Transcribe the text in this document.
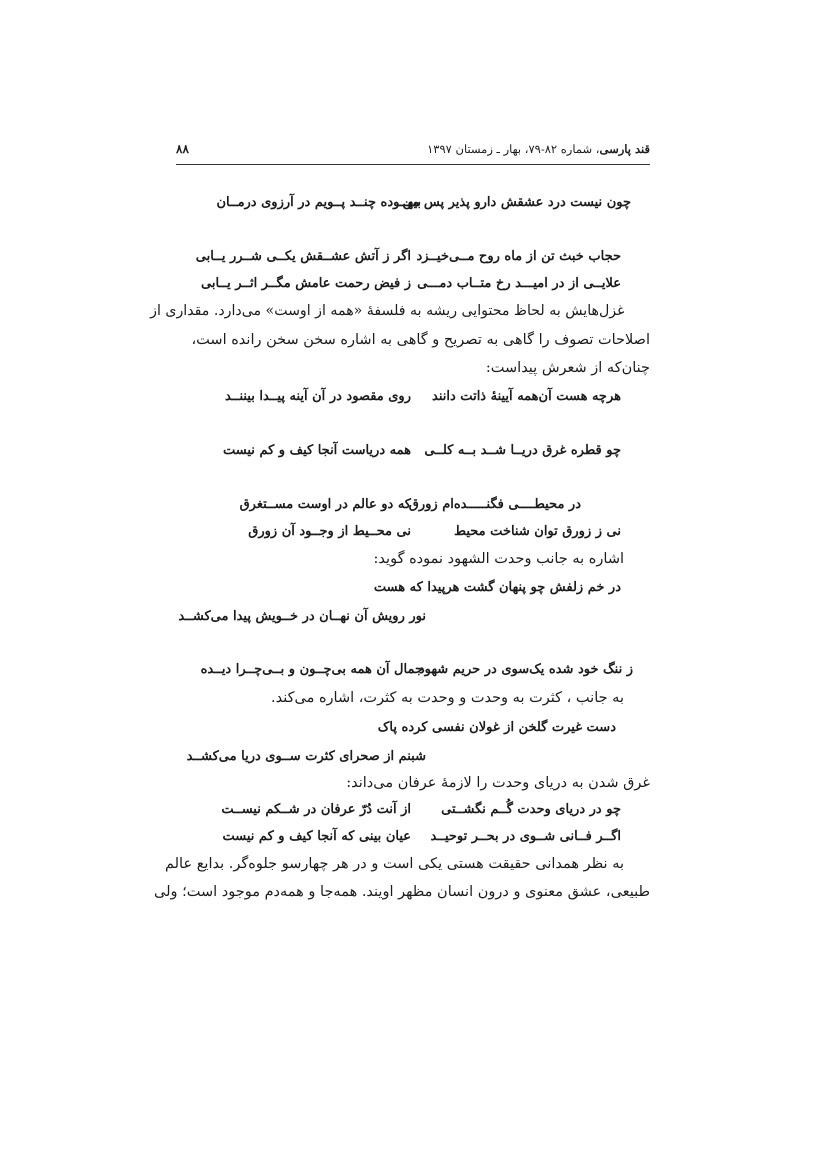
قند پارسی، شماره ۸۲-۷۹، بهار ـ زمستان ۱۳۹۷
۸۸
چون نیست درد عشقش دارو پذیر پس من
بیهــوده چنــد پــویم در آرزوی درمــان
حجاب خبث تن از ماه روح مــی‌خیــزد
اگر ز آتش عشــقش یکــی شــرر یــابی
علایــی از در امیـــد رخ متــاب دمـــی
ز فیض رحمت عامش مگــر اثــر یــابی
غزل‌هایش به لحاظ محتوایی ریشه به فلسفهٔ «همه از اوست» می‌دارد. مقداری از
اصلاحات تصوف را گاهی به تصریح و گاهی به اشاره سخن سخن رانده است،
چنان‌که از شعرش پیداست:
هرچه هست آن‌همه آیینهٔ ذاتت دانند
روی مقصود در آن آینه پیــدا بیننــد
چو قطره غرق دریــا شــد بــه کلــی
همه دریاست آنجا کیف و کم نیست
در محیطــــی فگنـــــده‌ام زورق
که دو عالم در اوست مســتغرق
نی ز زورق توان شناخت محیط
نی محــیط از وجــود آن زورق
اشاره به جانب وحدت الشهود نموده گوید:
در خم زلفش چو پنهان گشت هرپیدا که هست
نور رویش آن نهــان در خــویش پیدا می‌کشــد
ز ننگ خود شده یک‌سوی در حریم شهود
جمال آن همه بی‌چــون و بــی‌چــرا دیــده
به جانب ، کثرت به وحدت و وحدت به کثرت، اشاره می‌کند.
دست غیرت گلخن از غولان نفسی کرده پاک
شبنم از صحرای کثرت ســوی دریا می‌کشــد
غرق شدن به دریای وحدت را لازمهٔ عرفان می‌داند:
چو در دریای وحدت گُــم نگشــتی
از آنت دُرّ عرفان در شــکم نیســت
اگــر فــانی شــوی در بحــر توحیــد
عیان بینی که آنجا کیف و کم نیست
به نظر همدانی حقیقت هستی یکی است و در هر چهارسو جلوه‌گر. بدایع عالم
طبیعی، عشق معنوی و درون انسان مظهر اویند. همه‌جا و همه‌دم موجود است؛ ولی
